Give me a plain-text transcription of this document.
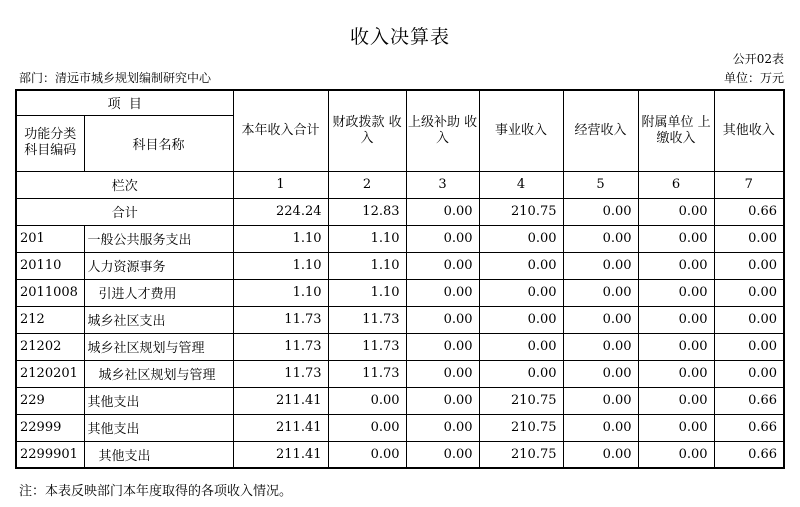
收入决算表
公开02表
部门：清远市城乡规划编制研究中心	单位：万元
项  目		本年收入合计	财政拨款 收入	上级补助 收入	事业收入	经营收入	附属单位 上缴收入	其他收入
功能分类 科目编码	科目名称							
栏次		1	2	3	4	5	6	7
合计		224.24	12.83	0.00	210.75	0.00	0.00	0.66
201	一般公共服务支出	1.10	1.10	0.00	0.00	0.00	0.00	0.00
20110	人力资源事务	1.10	1.10	0.00	0.00	0.00	0.00	0.00
2011008	引进人才费用	1.10	1.10	0.00	0.00	0.00	0.00	0.00
212	城乡社区支出	11.73	11.73	0.00	0.00	0.00	0.00	0.00
21202	城乡社区规划与管理	11.73	11.73	0.00	0.00	0.00	0.00	0.00
2120201	城乡社区规划与管理	11.73	11.73	0.00	0.00	0.00	0.00	0.00
229	其他支出	211.41	0.00	0.00	210.75	0.00	0.00	0.66
22999	其他支出	211.41	0.00	0.00	210.75	0.00	0.00	0.66
2299901	其他支出	211.41	0.00	0.00	210.75	0.00	0.00	0.66
注：本表反映部门本年度取得的各项收入情况。
